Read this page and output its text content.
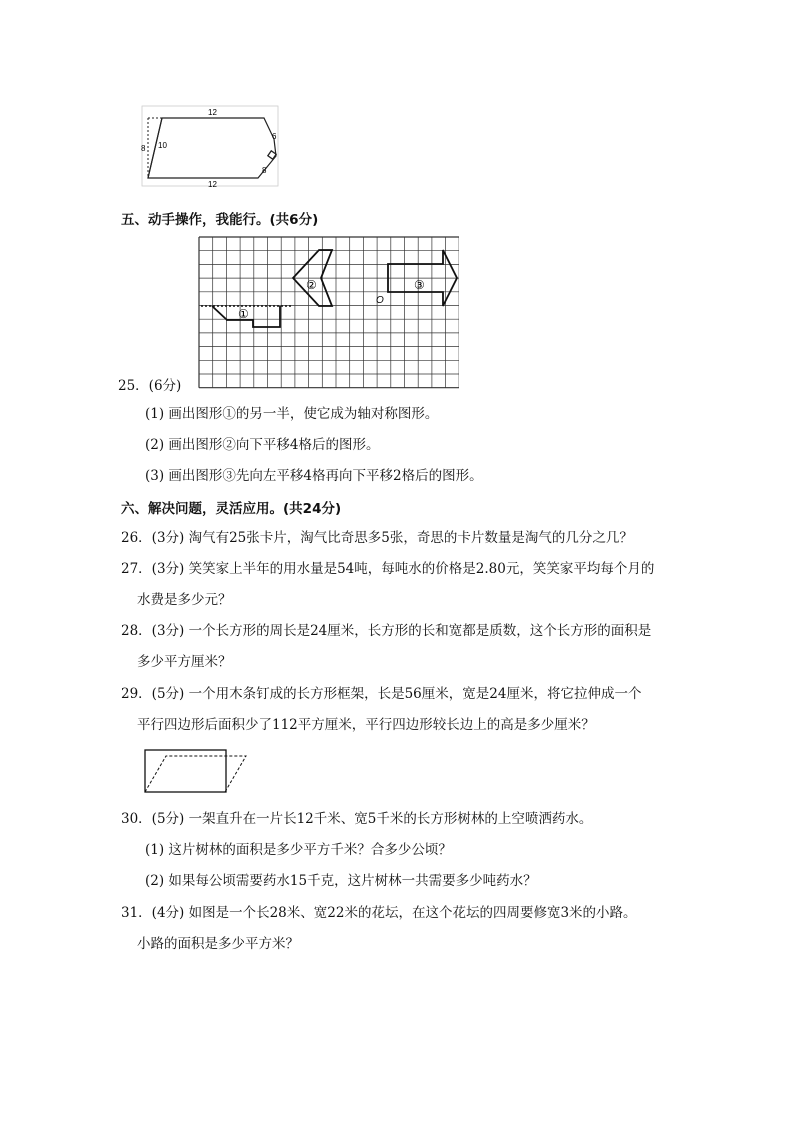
12
12
8 10
6
8
五、动手操作，我能行。(共6分)
①
②	③
O
25．(6分)
(1) 画出图形①的另一半，使它成为轴对称图形。
(2) 画出图形②向下平移4格后的图形。
(3) 画出图形③先向左平移4格再向下平移2格后的图形。
六、解决问题，灵活应用。(共24分)
26．(3分) 淘气有25张卡片，淘气比奇思多5张，奇思的卡片数量是淘气的几分之几？
27．(3分) 笑笑家上半年的用水量是54吨，每吨水的价格是2.80元，笑笑家平均每个月的
水费是多少元？
28．(3分) 一个长方形的周长是24厘米，长方形的长和宽都是质数，这个长方形的面积是
多少平方厘米？
29．(5分) 一个用木条钉成的长方形框架，长是56厘米，宽是24厘米，将它拉伸成一个
平行四边形后面积少了112平方厘米，平行四边形较长边上的高是多少厘米？
30．(5分) 一架直升在一片长12千米、宽5千米的长方形树林的上空喷洒药水。
(1) 这片树林的面积是多少平方千米？合多少公顷？
(2) 如果每公顷需要药水15千克，这片树林一共需要多少吨药水？
31．(4分) 如图是一个长28米、宽22米的花坛，在这个花坛的四周要修宽3米的小路。
小路的面积是多少平方米？
